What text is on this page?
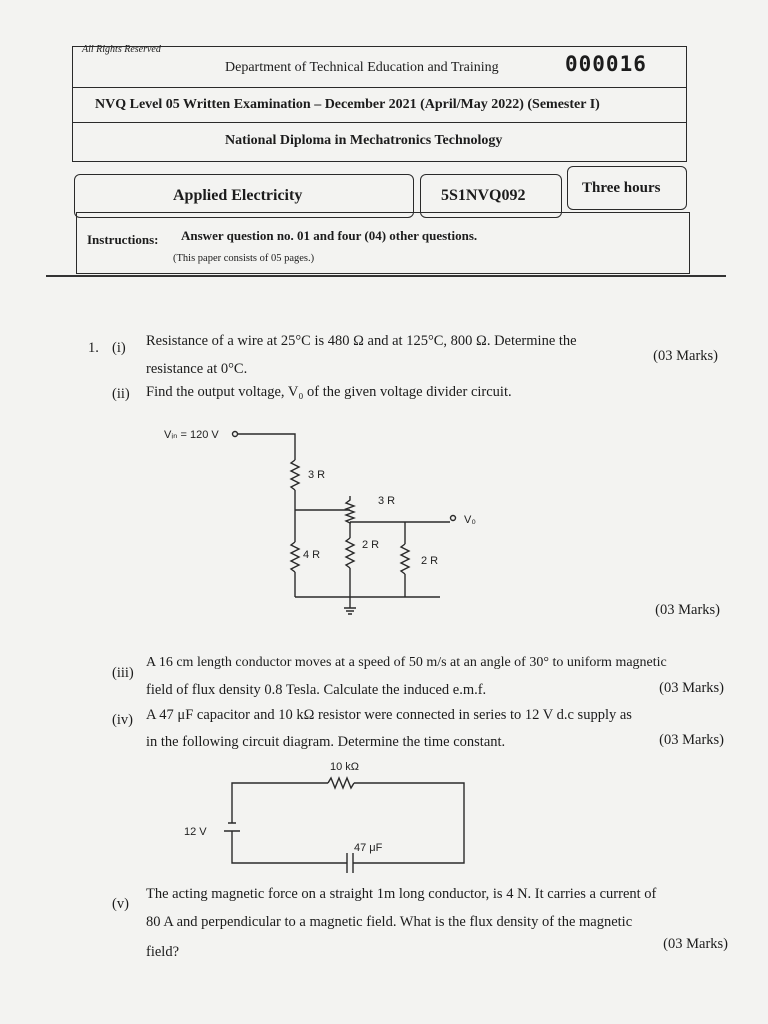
All Rights Reserved
Department of Technical Education and Training	000016
NVQ Level 05 Written Examination – December 2021 (April/May 2022) (Semester I)
National Diploma in Mechatronics Technology
Applied Electricity	5S1NVQ092	Three hours
Instructions: Answer question no. 01 and four (04) other questions.
(This paper consists of 05 pages.)
1. (i) Resistance of a wire at 25°C is 480 Ω and at 125°C, 800 Ω. Determine the
resistance at 0°C.
(03 Marks)
(ii) Find the output voltage, V₀ of the given voltage divider circuit.
Vᵢₙ = 120 V
3 R
4 R
3 R
2 R
2 R
V₀
(03 Marks)
(iii)
A 16 cm length conductor moves at a speed of 50 m/s at an angle of 30° to uniform magnetic
field of flux density 0.8 Tesla. Calculate the induced e.m.f.	(03 Marks)
(iv) A 47 μF capacitor and 10 kΩ resistor were connected in series to 12 V d.c supply as
in the following circuit diagram. Determine the time constant.	(03 Marks)
10 kΩ
12 V
47 μF
(v)
The acting magnetic force on a straight 1m long conductor, is 4 N. It carries a current of
80 A and perpendicular to a magnetic field. What is the flux density of the magnetic
field?	(03 Marks)
